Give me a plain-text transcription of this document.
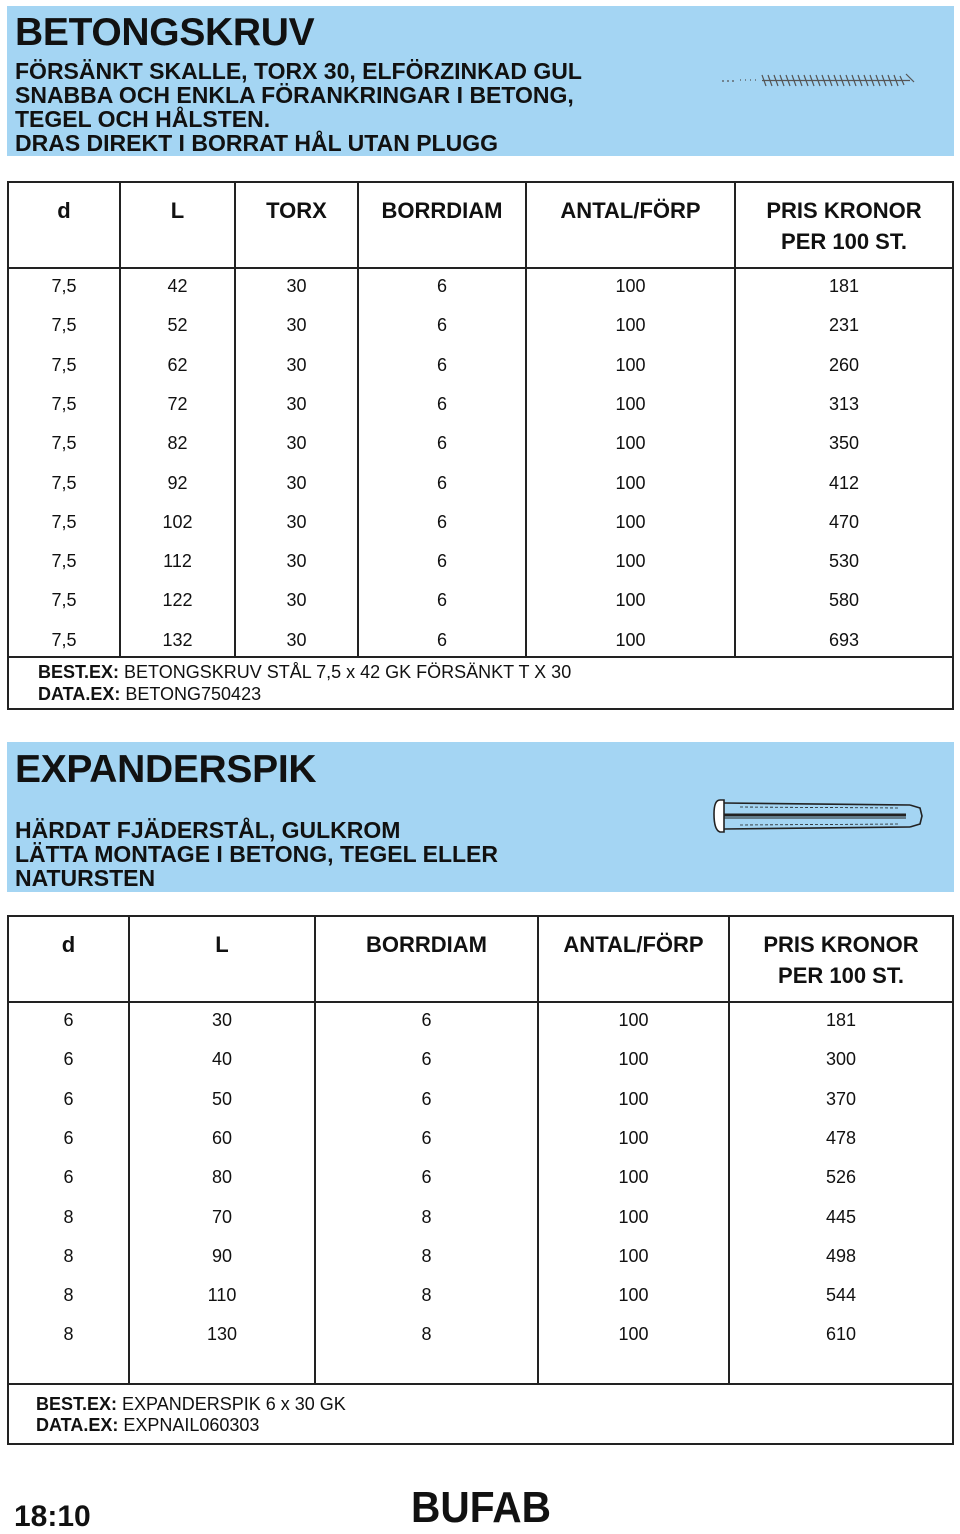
BETONGSKRUV
FÖRSÄNKT SKALLE, TORX 30, ELFÖRZINKAD GUL
SNABBA OCH ENKLA FÖRANKRINGAR I BETONG,
TEGEL OCH HÅLSTEN.
DRAS DIREKT I BORRAT HÅL UTAN PLUGG
d	L	TORX	BORRDIAM	ANTAL/FÖRP	PRIS KRONOR
PER 100 ST.
7,5	42	30	6	100	181
7,5	52	30	6	100	231
7,5	62	30	6	100	260
7,5	72	30	6	100	313
7,5	82	30	6	100	350
7,5	92	30	6	100	412
7,5	102	30	6	100	470
7,5	112	30	6	100	530
7,5	122	30	6	100	580
7,5	132	30	6	100	693
BEST.EX: BETONGSKRUV STÅL 7,5 x 42 GK FÖRSÄNKT T X 30
DATA.EX: BETONG750423
EXPANDERSPIK
HÄRDAT FJÄDERSTÅL, GULKROM
LÄTTA MONTAGE I BETONG, TEGEL ELLER
NATURSTEN
d	L	BORRDIAM	ANTAL/FÖRP	PRIS KRONOR
PER 100 ST.
6	30	6	100	181
6	40	6	100	300
6	50	6	100	370
6	60	6	100	478
6	80	6	100	526
8	70	8	100	445
8	90	8	100	498
8	110	8	100	544
8	130	8	100	610
BEST.EX: EXPANDERSPIK 6 x 30 GK
DATA.EX: EXPNAIL060303
18:10	BUFAB
